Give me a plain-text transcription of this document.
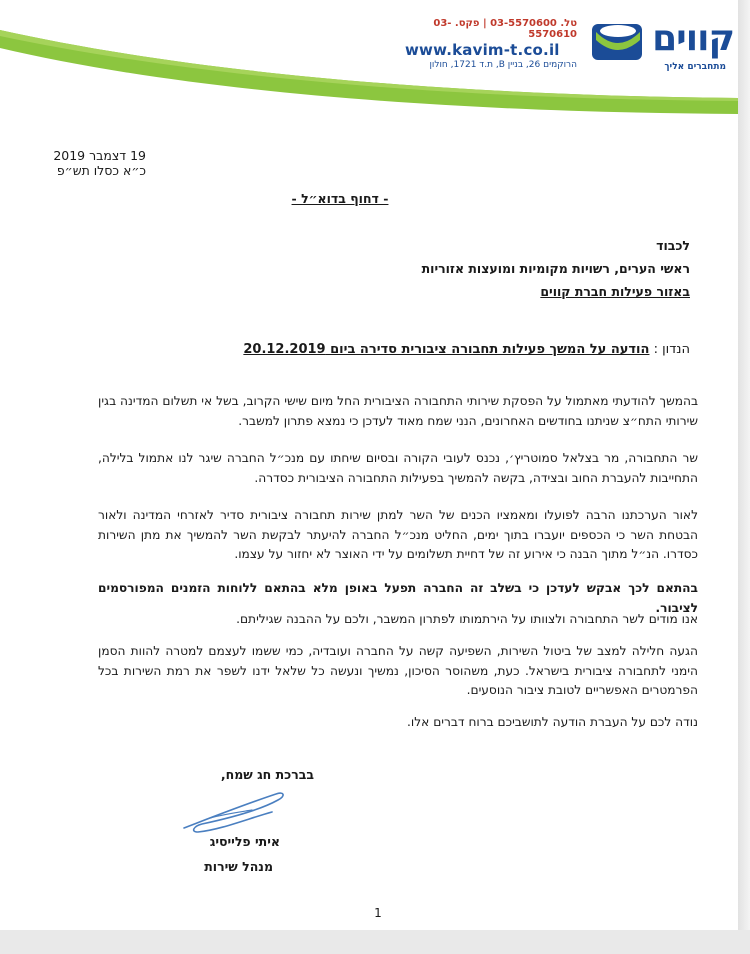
קווים
מתחברים אליך
טל. 03-5570600 | פקס. 03-5570610
www.kavim-t.co.il
הרוקמים 26, בניין B, ת.ד 1721, חולון
19 דצמבר 2019
כ״א כסלו תש״פ
- דחוף בדוא״ל -
לכבוד
ראשי הערים, רשויות מקומיות ומועצות אזוריות
באזור פעילות חברת קווים
הנדון : הודעה על המשך פעילות תחבורה ציבורית סדירה ביום 20.12.2019
בהמשך להודעתי מאתמול על הפסקת שירותי התחבורה הציבורית החל מיום שישי הקרוב, בשל אי תשלום המדינה בגין שירותי התח״צ שניתנו בחודשים האחרונים, הנני שמח מאוד לעדכן כי נמצא פתרון למשבר.
שר התחבורה, מר בצלאל סמוטריץ׳, נכנס לעובי הקורה ובסיום שיחתו עם מנכ״ל החברה שיגר לנו אתמול בלילה, התחייבות להעברת החוב ובצידה, בקשה להמשיך בפעילות התחבורה הציבורית כסדרה.
לאור הערכתנו הרבה לפועלו ומאמציו הכנים של השר למתן שירות תחבורה ציבורית סדיר לאזרחי המדינה ולאור הבטחת השר כי הכספים יועברו בתוך ימים, החליט מנכ״ל החברה להיעתר לבקשת השר להמשיך את מתן השירות כסדרו. הנ״ל מתוך הבנה כי אירוע זה של דחיית תשלומים על ידי האוצר לא יחזור על עצמו.
בהתאם לכך אבקש לעדכן כי בשלב זה החברה תפעל באופן מלא בהתאם ללוחות הזמנים המפורסמים לציבור.
אנו מודים לשר התחבורה ולצוותו על הירתמותו לפתרון המשבר, ולכם על ההבנה שגיליתם.
הגעה חלילה למצב של ביטול השירות, השפיעה קשה על החברה ועובדיה, כמי ששמו לעצמם למטרה להוות הסמן הימני לתחבורה ציבורית בישראל. כעת, משהוסר הסיכון, נמשיך ונעשה כל שלאל ידנו לשפר את רמת השירות בכל הפרמטרים האפשריים לטובת ציבור הנוסעים.
נודה לכם על העברת הודעה לתושביכם ברוח דברים אלו.
בברכת חג שמח,
איתי פלייסיג
מנהל שירות
1
